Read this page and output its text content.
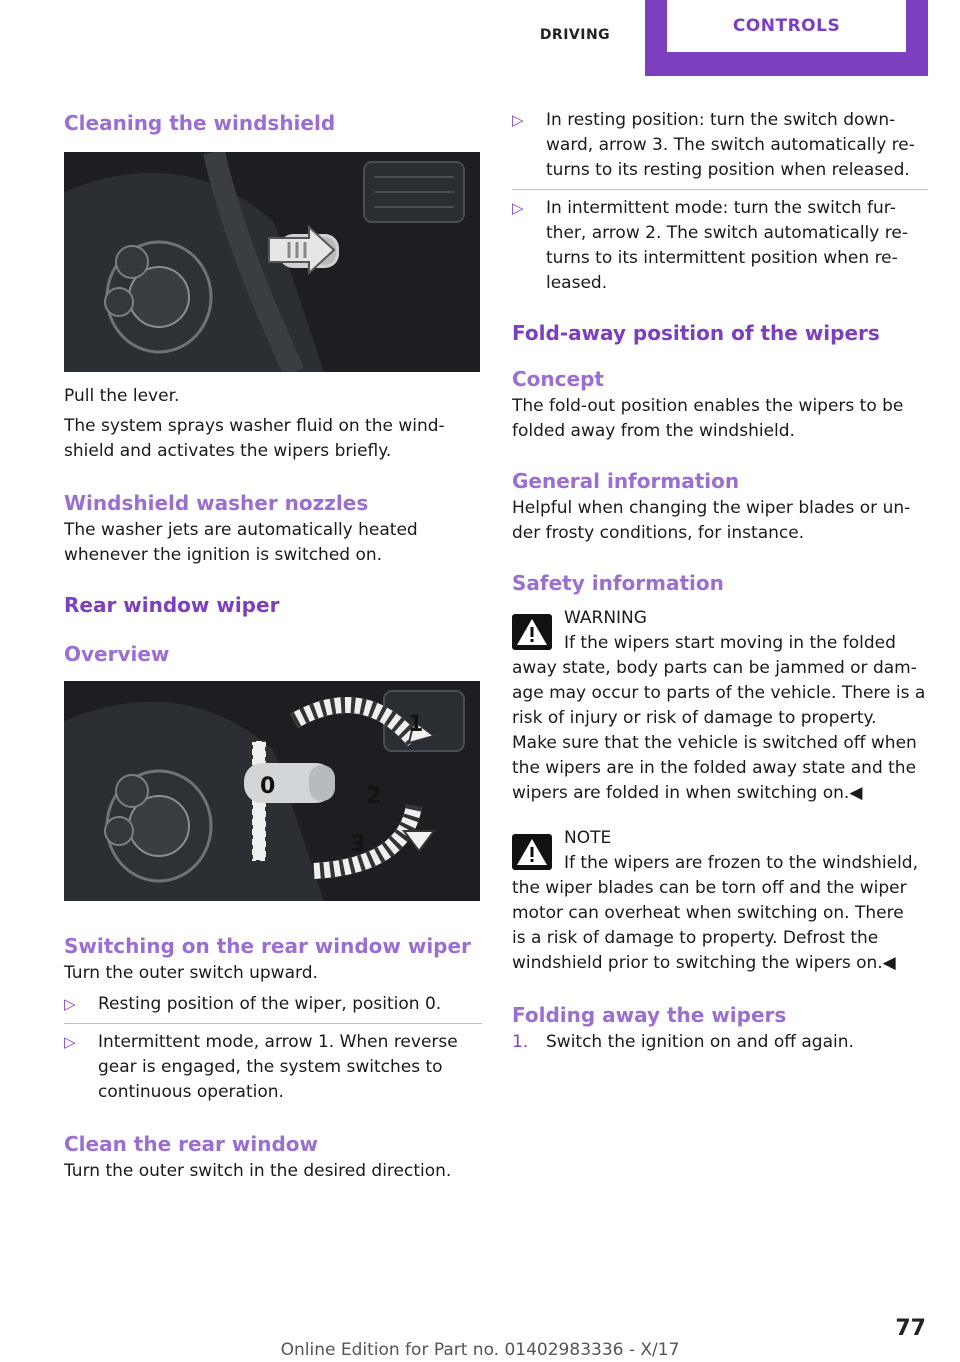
DRIVING	CONTROLS
Cleaning the windshield

Pull the lever.

The system sprays washer fluid on the wind-

shield and activates the wipers briefly.

Windshield washer nozzles

The washer jets are automatically heated

whenever the ignition is switched on.

Rear window wiper
Overview
1
0	2
3
Switching on the rear window wiper

Turn the outer switch upward.

▷ Resting position of the wiper, position 0.
▷ Intermittent mode, arrow 1. When reverse
gear is engaged, the system switches to
continuous operation.
Clean the rear window

Turn the outer switch in the desired direction.

▷ In resting position: turn the switch down-
ward, arrow 3. The switch automatically re-
turns to its resting position when released.
▷ In intermittent mode: turn the switch fur-
ther, arrow 2. The switch automatically re-
turns to its intermittent position when re-
leased.
Fold-away position of the wipers
Concept

The fold-out position enables the wipers to be

folded away from the windshield.

General information

Helpful when changing the wiper blades or un-

der frosty conditions, for instance.

Safety information
WARNING
If the wipers start moving in the folded

away state, body parts can be jammed or dam-

age may occur to parts of the vehicle. There is a

risk of injury or risk of damage to property.

Make sure that the vehicle is switched off when

the wipers are in the folded away state and the

wipers are folded in when switching on.◀

NOTE
If the wipers are frozen to the windshield,

the wiper blades can be torn off and the wiper

motor can overheat when switching on. There

is a risk of damage to property. Defrost the

windshield prior to switching the wipers on.◀

Folding away the wipers
1. Switch the ignition on and off again.
77
Online Edition for Part no. 01402983336 - X/17
